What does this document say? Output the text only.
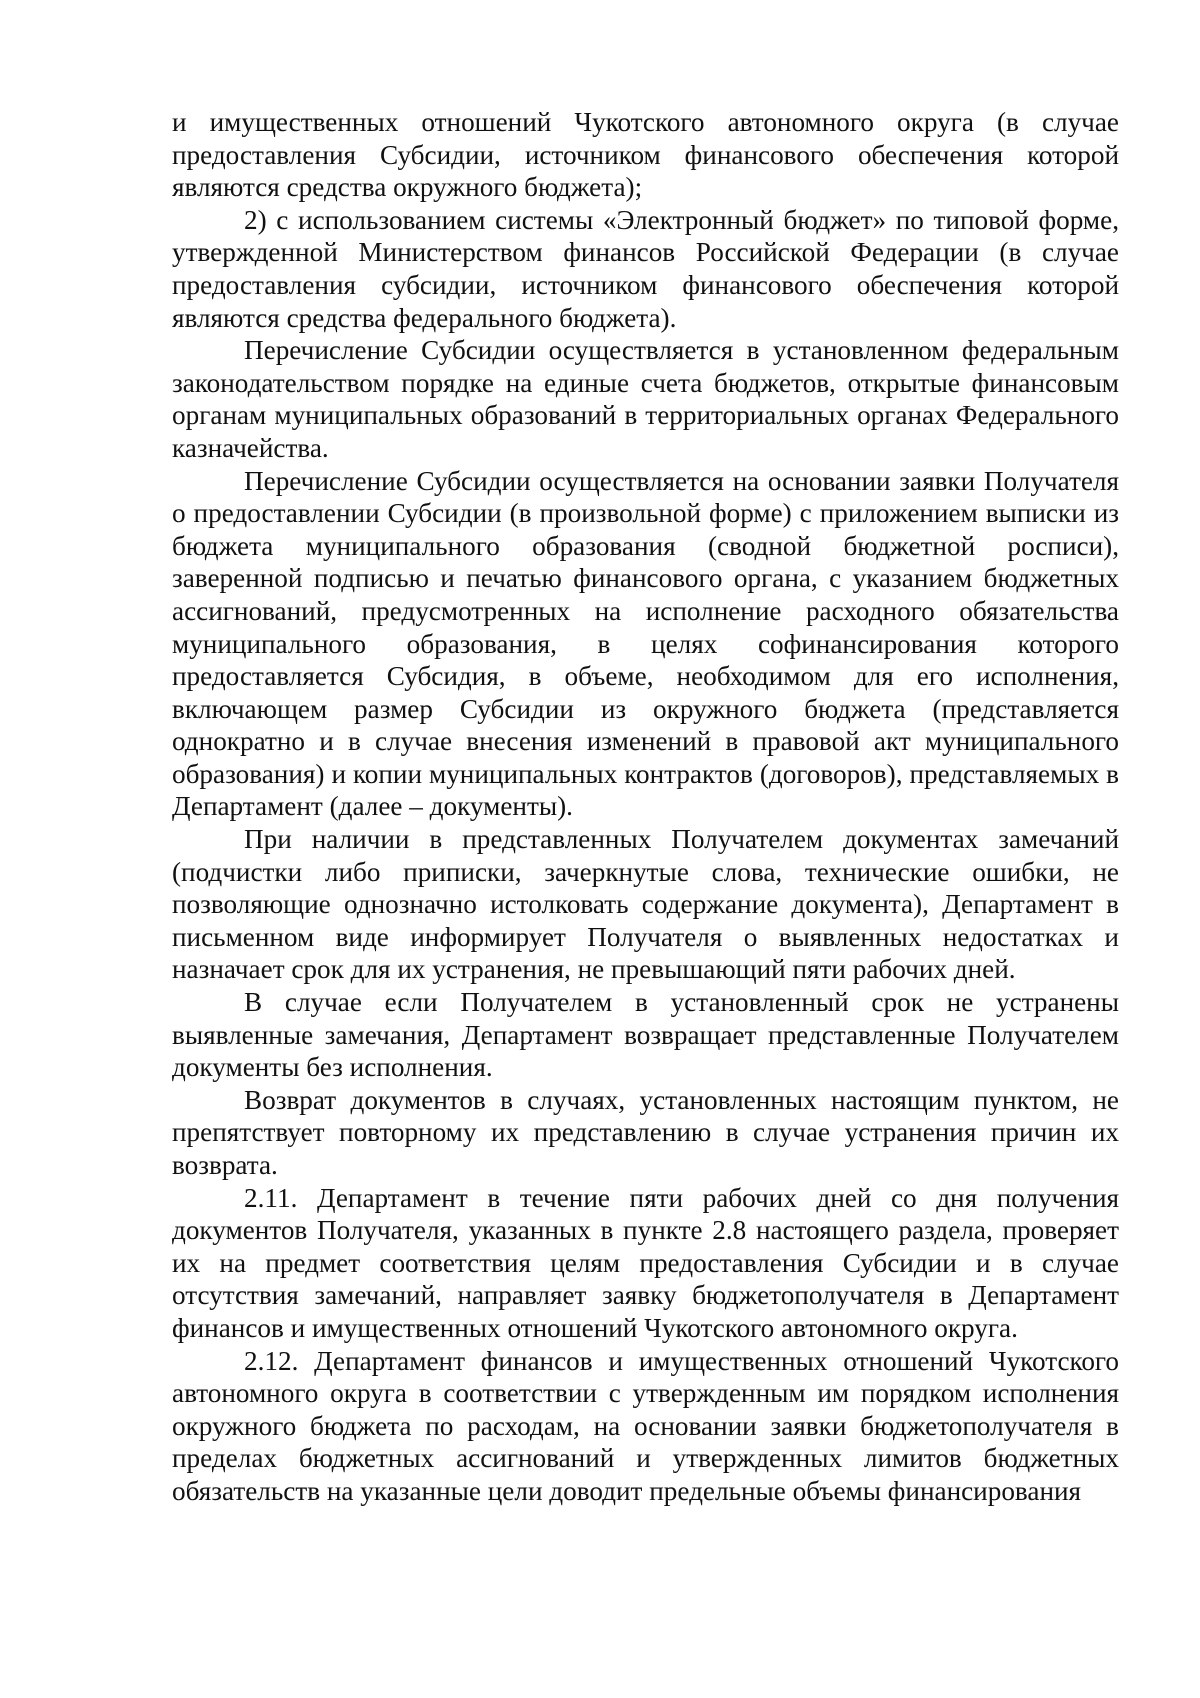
и имущественных отношений Чукотского автономного округа (в случае предоставления Субсидии, источником финансового обеспечения которой являются средства окружного бюджета);

2) с использованием системы «Электронный бюджет» по типовой форме, утвержденной Министерством финансов Российской Федерации (в случае предоставления субсидии, источником финансового обеспечения которой являются средства федерального бюджета).

Перечисление Субсидии осуществляется в установленном федеральным законодательством порядке на единые счета бюджетов, открытые финансовым органам муниципальных образований в территориальных органах Федерального казначейства.

Перечисление Субсидии осуществляется на основании заявки Получателя о предоставлении Субсидии (в произвольной форме) с приложением выписки из бюджета муниципального образования (сводной бюджетной росписи), заверенной подписью и печатью финансового органа, с указанием бюджетных ассигнований, предусмотренных на исполнение расходного обязательства муниципального образования, в целях софинансирования которого предоставляется Субсидия, в объеме, необходимом для его исполнения, включающем размер Субсидии из окружного бюджета (представляется однократно и в случае внесения изменений в правовой акт муниципального образования) и копии муниципальных контрактов (договоров), представляемых в Департамент (далее – документы).

При наличии в представленных Получателем документах замечаний (подчистки либо приписки, зачеркнутые слова, технические ошибки, не позволяющие однозначно истолковать содержание документа), Департамент в письменном виде информирует Получателя о выявленных недостатках и назначает срок для их устранения, не превышающий пяти рабочих дней.

В случае если Получателем в установленный срок не устранены выявленные замечания, Департамент возвращает представленные Получателем документы без исполнения.

Возврат документов в случаях, установленных настоящим пунктом, не препятствует повторному их представлению в случае устранения причин их возврата.

2.11. Департамент в течение пяти рабочих дней со дня получения документов Получателя, указанных в пункте 2.8 настоящего раздела, проверяет их на предмет соответствия целям предоставления Субсидии и в случае отсутствия замечаний, направляет заявку бюджетополучателя в Департамент финансов и имущественных отношений Чукотского автономного округа.

2.12. Департамент финансов и имущественных отношений Чукотского автономного округа в соответствии с утвержденным им порядком исполнения окружного бюджета по расходам, на основании заявки бюджетополучателя в пределах бюджетных ассигнований и утвержденных лимитов бюджетных обязательств на указанные цели доводит предельные объемы финансирования
